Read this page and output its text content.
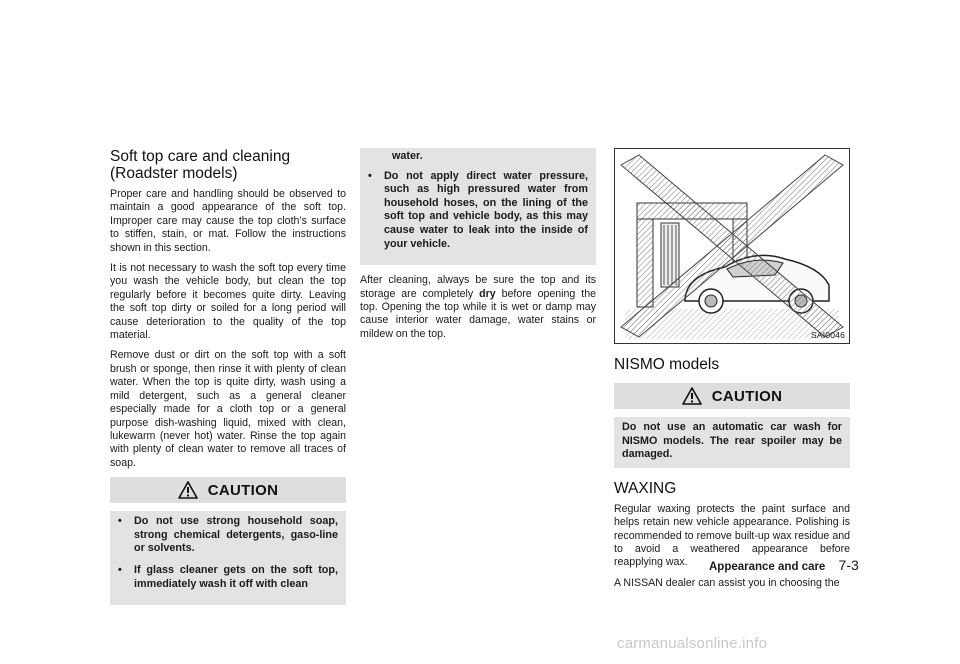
Soft top care and cleaning (Roadster models)

Proper care and handling should be observed to maintain a good appearance of the soft top. Improper care may cause the top cloth’s surface to stiffen, stain, or mat. Follow the instructions shown in this section.

It is not necessary to wash the soft top every time you wash the vehicle body, but clean the top regularly before it becomes quite dirty. Leaving the soft top dirty or soiled for a long period will cause deterioration to the quality of the top material.

Remove dust or dirt on the soft top with a soft brush or sponge, then rinse it with plenty of clean water. When the top is quite dirty, wash using a mild detergent, such as a general cleaner especially made for a cloth top or a general purpose dish-washing liquid, mixed with clean, lukewarm (never hot) water. Rinse the top again with plenty of clean water to remove all traces of soap.

CAUTION
•	Do not use strong household soap, strong chemical detergents, gaso-line or solvents.
•	If glass cleaner gets on the soft top, immediately wash it off with clean
water.
•	Do not apply direct water pressure, such as high pressured water from household hoses, on the lining of the soft top and vehicle body, as this may cause water to leak into the inside of your vehicle.

After cleaning, always be sure the top and its storage are completely dry before opening the top. Opening the top while it is wet or damp may cause interior water damage, water stains or mildew on the top.	SAI0046
NISMO models
CAUTION

Do not use an automatic car wash for NISMO models. The rear spoiler may be damaged.

WAXING

Regular waxing protects the paint surface and helps retain new vehicle appearance. Polishing is recommended to remove built-up wax residue and to avoid a weathered appearance before reapplying wax.

A NISSAN dealer can assist you in choosing the

Appearance and care 7-3
carmanualsonline.info
